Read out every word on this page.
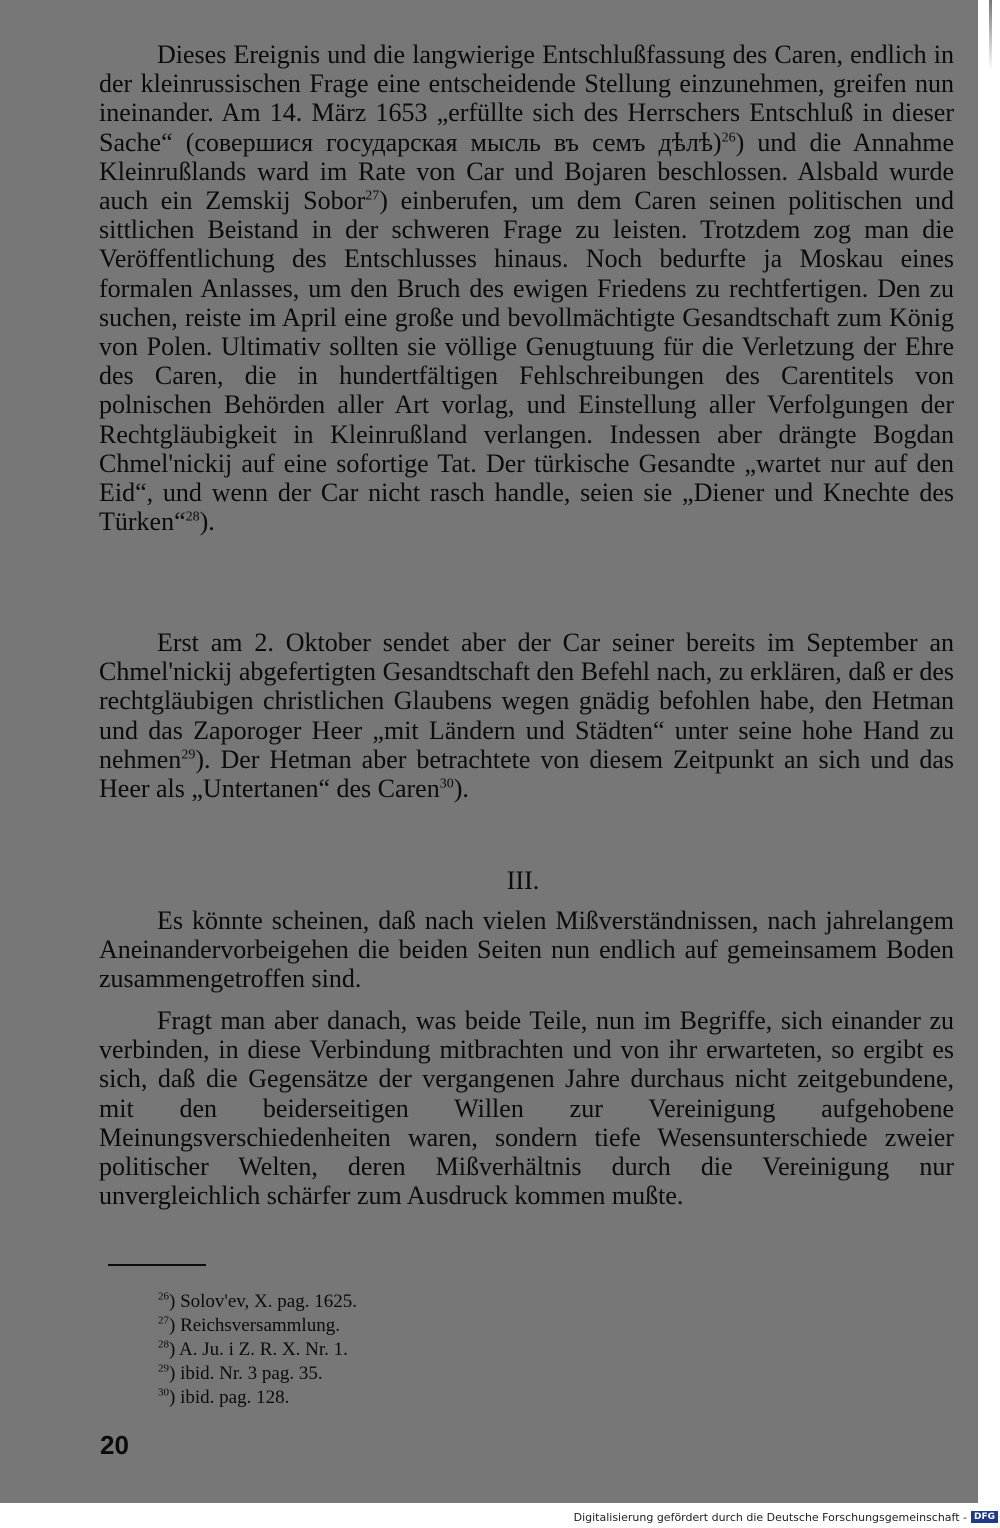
Dieses Ereignis und die langwierige Entschlußfassung des Caren, endlich in der kleinrussischen Frage eine entscheidende Stellung einzunehmen, greifen nun ineinander. Am 14. März 1653 „erfüllte sich des Herrschers Entschluß in dieser Sache“ (совершися государская мысль въ семъ дѣлѣ)$^{26}$) und die Annahme Kleinrußlands ward im Rate von Car und Bojaren beschlossen. Alsbald wurde auch ein Zemskij Sobor$^{27}$) einberufen, um dem Caren seinen politischen und sittlichen Beistand in der schweren Frage zu leisten. Trotzdem zog man die Veröffentlichung des Entschlusses hinaus. Noch bedurfte ja Moskau eines formalen Anlasses, um den Bruch des ewigen Friedens zu rechtfertigen. Den zu suchen, reiste im April eine große und bevollmächtigte Gesandtschaft zum König von Polen. Ultimativ sollten sie völlige Genugtuung für die Verletzung der Ehre des Caren, die in hundertfältigen Fehlschreibungen des Carentitels von polnischen Behörden aller Art vorlag, und Einstellung aller Verfolgungen der Rechtgläubigkeit in Kleinrußland verlangen. Indessen aber drängte Bogdan Chmel'nickij auf eine sofortige Tat. Der türkische Gesandte „wartet nur auf den Eid“, und wenn der Car nicht rasch handle, seien sie „Diener und Knechte des Türken“$^{28}$).

Erst am 2. Oktober sendet aber der Car seiner bereits im September an Chmel'nickij abgefertigten Gesandtschaft den Befehl nach, zu erklären, daß er des rechtgläubigen christlichen Glaubens wegen gnädig befohlen habe, den Hetman und das Zaporoger Heer „mit Ländern und Städten“ unter seine hohe Hand zu nehmen$^{29}$). Der Hetman aber betrachtete von diesem Zeitpunkt an sich und das Heer als „Untertanen“ des Caren$^{30}$).

III.

Es könnte scheinen, daß nach vielen Mißverständnissen, nach jahrelangem Aneinandervorbeigehen die beiden Seiten nun endlich auf gemeinsamem Boden zusammengetroffen sind.

Fragt man aber danach, was beide Teile, nun im Begriffe, sich einander zu verbinden, in diese Verbindung mitbrachten und von ihr erwarteten, so ergibt es sich, daß die Gegensätze der vergangenen Jahre durchaus nicht zeitgebundene, mit den beiderseitigen Willen zur Vereinigung aufgehobene Meinungsverschiedenheiten waren, sondern tiefe Wesensunterschiede zweier politischer Welten, deren Mißverhältnis durch die Vereinigung nur unvergleichlich schärfer zum Ausdruck kommen mußte.

$^{26}$) Solov'ev, X. pag. 1625.
$^{27}$) Reichsversammlung.
$^{28}$) A. Ju. i Z. R. X. Nr. 1.
$^{29}$) ibid. Nr. 3 pag. 35.
$^{30}$) ibid. pag. 128.
20
Digitalisierung gefördert durch die Deutsche Forschungsgemeinschaft - DFG
